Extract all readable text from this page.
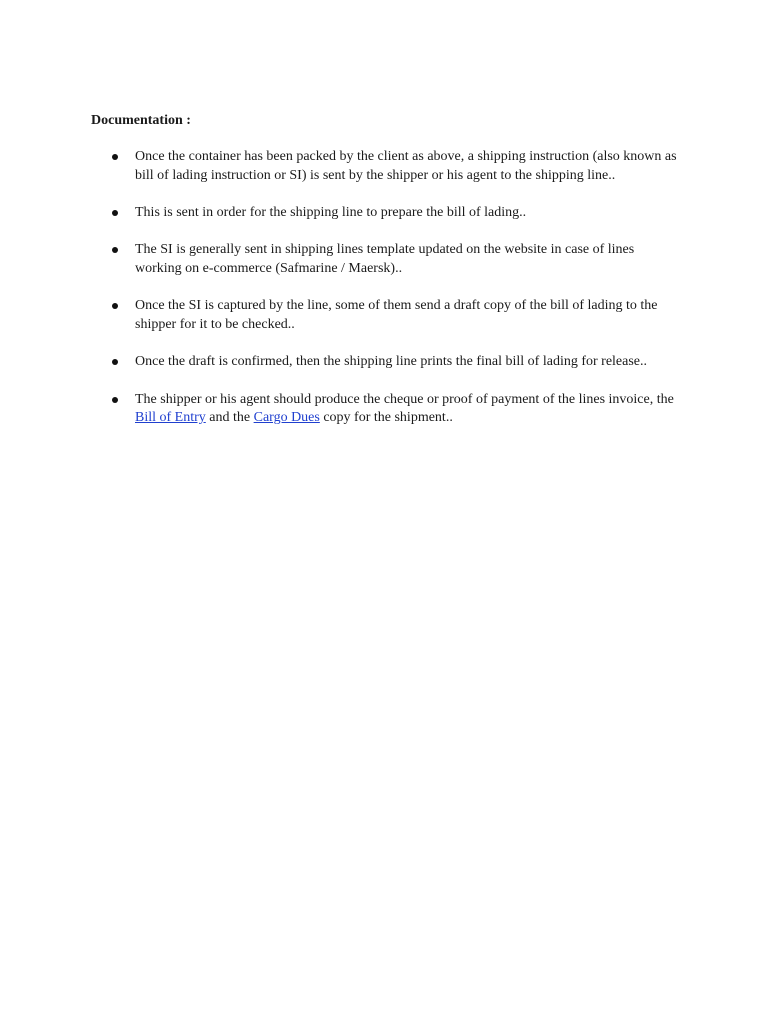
Documentation :
Once the container has been packed by the client as above, a shipping instruction (also known as bill of lading instruction or SI) is sent by the shipper or his agent to the shipping line..
This is sent in order for the shipping line to prepare the bill of lading..
The SI is generally sent in shipping lines template updated on the website in case of lines working on e-commerce (Safmarine / Maersk)..
Once the SI is captured by the line, some of them send a draft copy of the bill of lading to the shipper for it to be checked..
Once the draft is confirmed, then the shipping line prints the final bill of lading for release..
The shipper or his agent should produce the cheque or proof of payment of the lines invoice, the Bill of Entry and the Cargo Dues copy for the shipment..
